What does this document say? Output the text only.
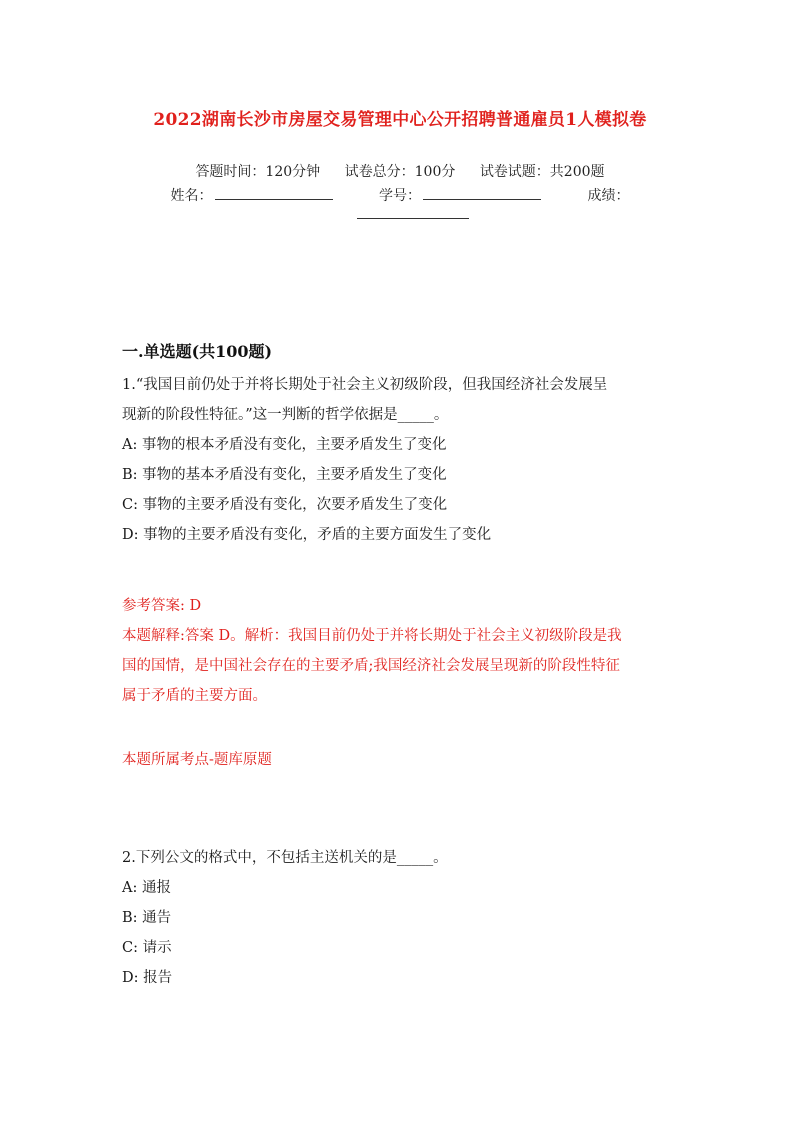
2022湖南长沙市房屋交易管理中心公开招聘普通雇员1人模拟卷
答题时间：120分钟 试卷总分：100分 试卷试题：共200题
姓名：	学号：	成绩：
一.单选题(共100题)
1.“我国目前仍处于并将长期处于社会主义初级阶段，但我国经济社会发展呈
现新的阶段性特征。”这一判断的哲学依据是_____。
A: 事物的根本矛盾没有变化，主要矛盾发生了变化
B: 事物的基本矛盾没有变化，主要矛盾发生了变化
C: 事物的主要矛盾没有变化，次要矛盾发生了变化
D: 事物的主要矛盾没有变化，矛盾的主要方面发生了变化
参考答案: D
本题解释:答案 D。解析：我国目前仍处于并将长期处于社会主义初级阶段是我
国的国情，是中国社会存在的主要矛盾;我国经济社会发展呈现新的阶段性特征
属于矛盾的主要方面。
本题所属考点-题库原题
2.下列公文的格式中，不包括主送机关的是_____。
A: 通报
B: 通告
C: 请示
D: 报告
